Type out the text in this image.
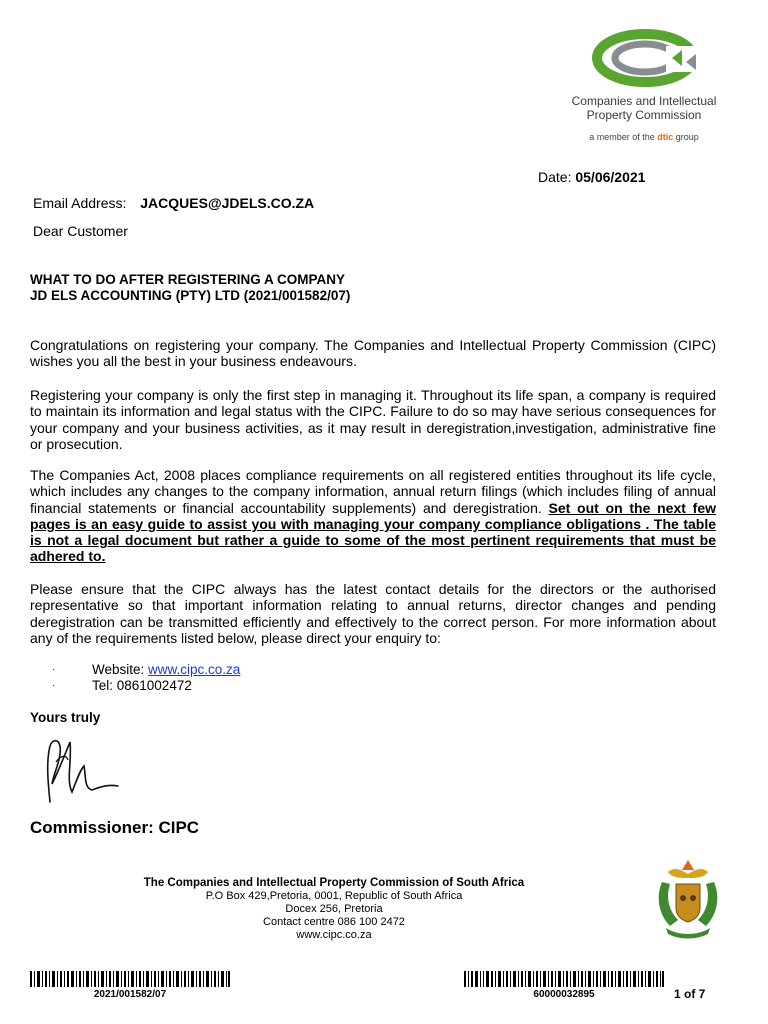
Companies and Intellectual
Property Commission
a member of the dtic group
Date: 05/06/2021
Email Address: JACQUES@JDELS.CO.ZA
Dear Customer
WHAT TO DO AFTER REGISTERING A COMPANY
JD ELS ACCOUNTING (PTY) LTD (2021/001582/07)
Congratulations on registering your company. The Companies and Intellectual Property Commission (CIPC) wishes you all the best in your business endeavours.
Registering your company is only the first step in managing it. Throughout its life span, a company is required to maintain its information and legal status with the CIPC. Failure to do so may have serious consequences for your company and your business activities, as it may result in deregistration,investigation, administrative fine or prosecution.
The Companies Act, 2008 places compliance requirements on all registered entities throughout its life cycle, which includes any changes to the company information, annual return filings (which includes filing of annual financial statements or financial accountability supplements) and deregistration. Set out on the next few pages is an easy guide to assist you with managing your company compliance obligations . The table is not a legal document but rather a guide to some of the most pertinent requirements that must be adhered to.
Please ensure that the CIPC always has the latest contact details for the directors or the authorised representative so that important information relating to annual returns, director changes and pending deregistration can be transmitted efficiently and effectively to the correct person. For more information about any of the requirements listed below, please direct your enquiry to:
·	Website: www.cipc.co.za
·	Tel: 0861002472
Yours truly
Commissioner: CIPC
The Companies and Intellectual Property Commission of South Africa
P.O Box 429,Pretoria, 0001, Republic of South Africa
Docex 256, Pretoria
Contact centre 086 100 2472
www.cipc.co.za
2021/001582/07	60000032895	1 of 7
